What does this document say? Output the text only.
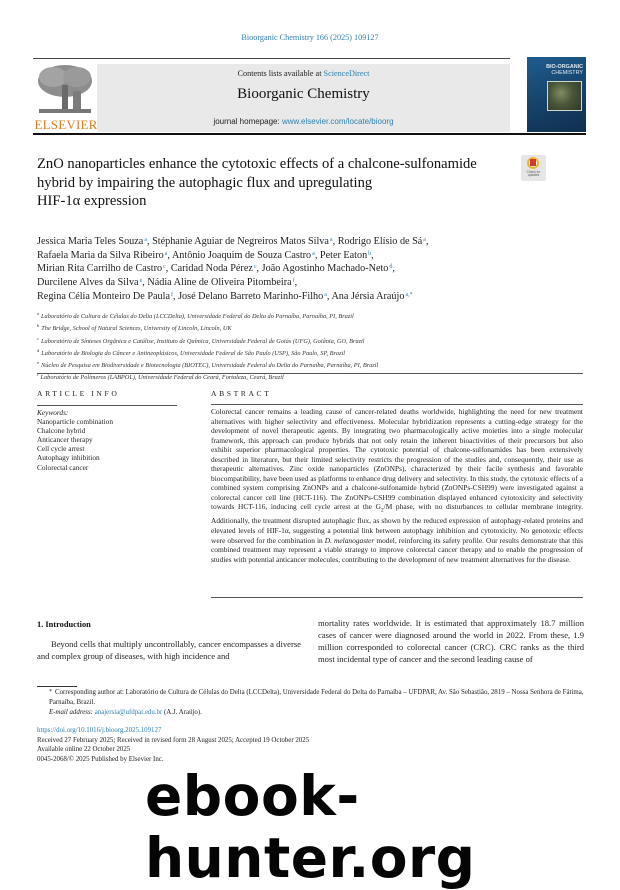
Bioorganic Chemistry 166 (2025) 109127
ELSEVIER
Contents lists available at ScienceDirect
Bioorganic Chemistry
journal homepage: www.elsevier.com/locate/bioorg
BIO-ORGANIC
CHEMISTRY
ZnO nanoparticles enhance the cytotoxic effects of a chalcone-sulfonamide
hybrid by impairing the autophagic flux and upregulating
HIF-1α expression
Check for updates
Jessica Maria Teles Souza$^a$, Stéphanie Aguiar de Negreiros Matos Silva$^a$, Rodrigo Elísio de Sá$^a$,
Rafaela Maria da Silva Ribeiro$^a$, Antônio Joaquim de Souza Castro$^a$, Peter Eaton$^b$,
Mirian Rita Carrilho de Castro$^c$, Caridad Noda Pérez$^c$, João Agostinho Machado-Neto$^d$,
Durcilene Alves da Silva$^e$, Nádia Aline de Oliveira Pitombeira$^f$,
Regina Célia Monteiro De Paula$^f$, José Delano Barreto Marinho-Filho$^a$, Ana Jérsia Araújo$^{a,*}$
$^a$ Laboratório de Cultura de Células do Delta (LCCDelta), Universidade Federal do Delta do Parnaíba, Parnaíba, PI, Brazil
$^b$ The Bridge, School of Natural Sciences, University of Lincoln, Lincoln, UK
$^c$ Laboratório de Sínteses Orgânica e Catálise, Instituto de Química, Universidade Federal de Goiás (UFG), Goiânia, GO, Brazil
$^d$ Laboratório de Biologia do Câncer e Antineoplásicos, Universidade Federal de São Paulo (USP), São Paulo, SP, Brazil
$^e$ Núcleo de Pesquisa em Biodiversidade e Biotecnologia (BIOTEC), Universidade Federal do Delta do Parnaíba, Parnaíba, PI, Brazil
$^f$ Laboratório de Polímeros (LABPOL), Universidade Federal do Ceará, Fortaleza, Ceará, Brazil
ARTICLE INFO
Keywords:
Nanoparticle combination
Chalcone hybrid
Anticancer therapy
Cell cycle arrest
Autophagy inhibition
Colorectal cancer
ABSTRACT
Colorectal cancer remains a leading cause of cancer-related deaths worldwide, highlighting the need for new treatment alternatives with higher selectivity and effectiveness. Molecular hybridization represents a cutting-edge strategy for the development of novel therapeutic agents. By integrating two pharmacologically active moieties into a single molecular framework, this approach can produce hybrids that not only retain the inherent bioactivities of their precursors but also exhibit superior pharmacological properties. The cytotoxic potential of chalcone-sulfonamides has been extensively described in literature, but their limited selectivity restricts the progression of the studies and, consequently, their use as therapeutic alternatives. Zinc oxide nanoparticles (ZnONPs), characterized by their facile synthesis and favorable biocompatibility, have been used as platforms to enhance drug delivery and selectivity. In this study, the cytotoxic effects of a combined system comprising ZnONPs and a chalcone-sulfonamide hybrid (ZnONPs-CSH99) were investigated against a colorectal cancer cell line (HCT-116). The ZnONPs-CSH99 combination displayed enhanced cytotoxicity and selectivity towards HCT-116, inducing cell cycle arrest at the $G_2/M$ phase, with no disturbances to cellular membrane integrity. Additionally, the treatment disrupted autophagic flux, as shown by the reduced expression of autophagy-related proteins and elevated levels of HIF-1α, suggesting a potential link between autophagy inhibition and cytotoxicity. No genotoxic effects were observed for the combination in D. melanogaster model, reinforcing its safety profile. Our results demonstrate that this combined treatment may represent a viable strategy to improve colorectal cancer therapy and to enable the progression of studies with potential anticancer molecules, contributing to the development of new treatment alternatives for the disease.
1. Introduction
Beyond cells that multiply uncontrollably, cancer encompasses a diverse and complex group of diseases, with high incidence and
mortality rates worldwide. It is estimated that approximately 18.7 million cases of cancer were diagnosed around the world in 2022. From these, 1.9 million corresponded to colorectal cancer (CRC). CRC ranks as the third most incidental type of cancer and the second leading cause of
* Corresponding author at: Laboratório de Cultura de Células do Delta (LCCDelta), Universidade Federal do Delta do Parnaíba – UFDPAR, Av. São Sebastião, 2819 – Nossa Senhora de Fátima, Parnaíba, Brazil.
E-mail address: anajersia@ufdpar.edu.br (A.J. Araújo).
https://doi.org/10.1016/j.bioorg.2025.109127
Received 27 February 2025; Received in revised form 28 August 2025; Accepted 19 October 2025
Available online 22 October 2025
0045-2068/© 2025 Published by Elsevier Inc.
ebook-hunter.org
